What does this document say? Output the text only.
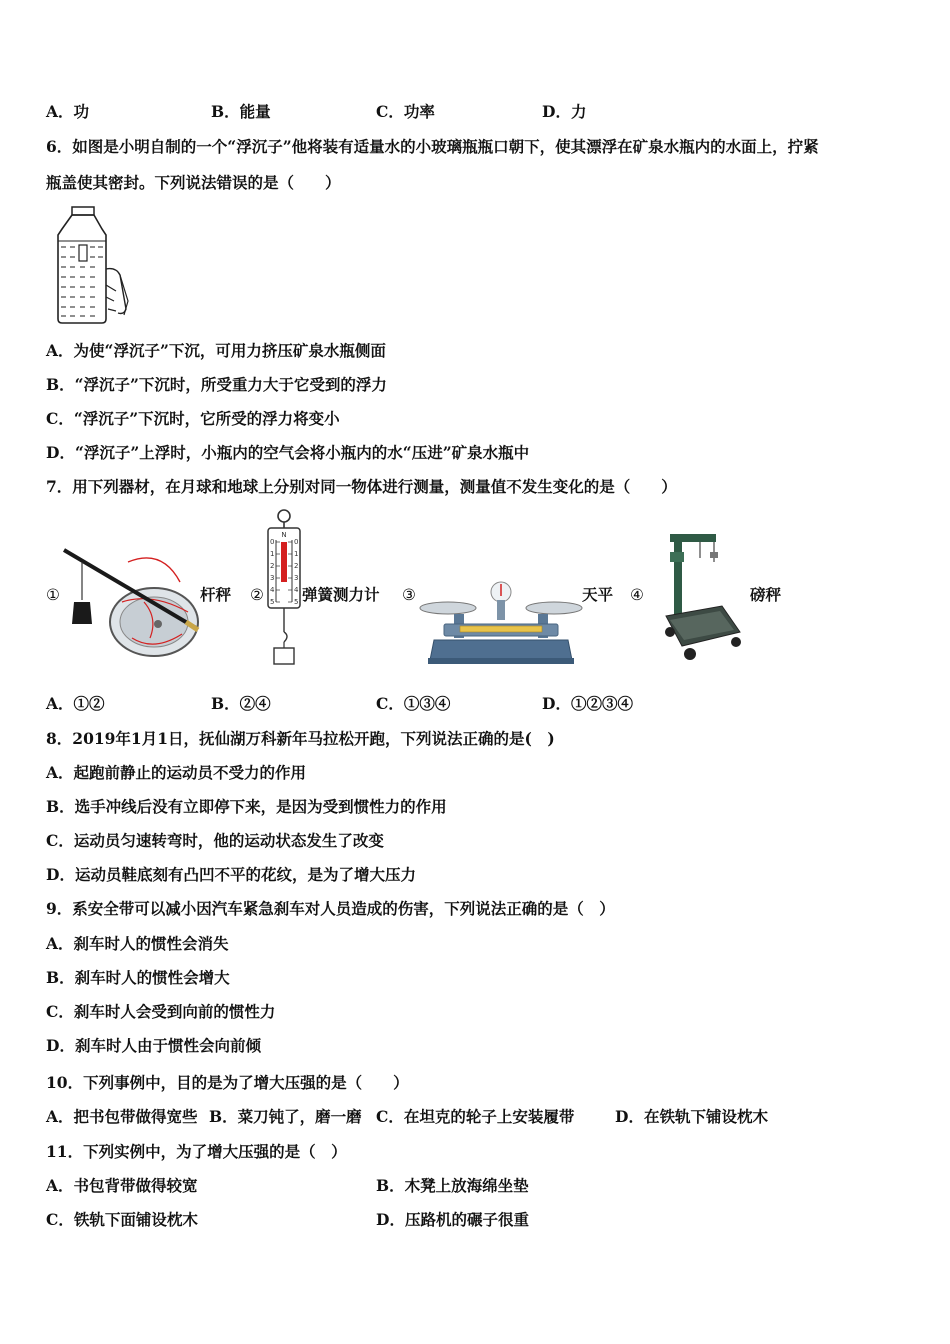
A．功	B．能量	C．功率	D．力
6．如图是小明自制的一个“浮沉子”他将装有适量水的小玻璃瓶瓶口朝下，使其漂浮在矿泉水瓶内的水面上，拧紧
瓶盖使其密封。下列说法错误的是（　　）
A．为使“浮沉子”下沉，可用力挤压矿泉水瓶侧面
B．“浮沉子”下沉时，所受重力大于它受到的浮力
C．“浮沉子”下沉时，它所受的浮力将变小
D．“浮沉子”上浮时，小瓶内的空气会将小瓶内的水“压进”矿泉水瓶中
7．用下列器材，在月球和地球上分别对同一物体进行测量，测量值不发生变化的是（　　）
①	杆秤 ②
N
0
1
2
3
4
5
0
1
2
3
4
5 弹簧测力计 ③	天平 ④	磅秤
A．①②	B．②④	C．①③④	D．①②③④
8．2019年1月1日，抚仙湖万科新年马拉松开跑，下列说法正确的是(　)
A．起跑前静止的运动员不受力的作用
B．选手冲线后没有立即停下来，是因为受到惯性力的作用
C．运动员匀速转弯时，他的运动状态发生了改变
D．运动员鞋底刻有凸凹不平的花纹，是为了增大压力
9．系安全带可以减小因汽车紧急刹车对人员造成的伤害，下列说法正确的是（　）
A．刹车时人的惯性会消失
B．刹车时人的惯性会增大
C．刹车时人会受到向前的惯性力
D．刹车时人由于惯性会向前倾
10．下列事例中，目的是为了增大压强的是（　　）
A．把书包带做得宽些 B．菜刀钝了，磨一磨 C．在坦克的轮子上安装履带	D．在铁轨下铺设枕木
11．下列实例中，为了增大压强的是（　）
A．书包背带做得较宽	B．木凳上放海绵坐垫
C．铁轨下面铺设枕木	D．压路机的碾子很重
